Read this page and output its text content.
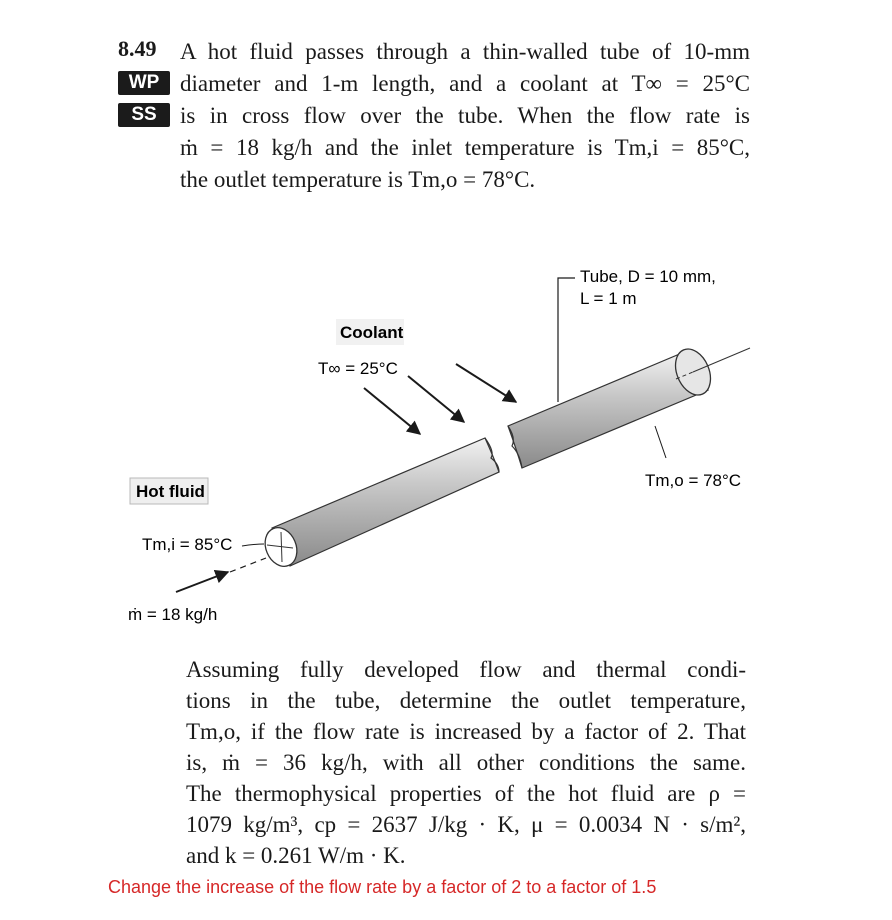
8.49
WP
SS
A hot fluid passes through a thin-walled tube of 10-mm
diameter and 1-m length, and a coolant at T∞ = 25°C
is in cross flow over the tube. When the flow rate is
ṁ = 18 kg/h and the inlet temperature is Tm,i = 85°C,
the outlet temperature is Tm,o = 78°C.
Tube, D = 10 mm,
L = 1 m
Coolant
T∞ = 25°C
Tm,o = 78°C
Hot fluid
Tm,i = 85°C
ṁ = 18 kg/h
Assuming fully developed flow and thermal condi-
tions in the tube, determine the outlet temperature,
Tm,o, if the flow rate is increased by a factor of 2. That
is, ṁ = 36 kg/h, with all other conditions the same.
The thermophysical properties of the hot fluid are ρ =
1079 kg/m³, cp = 2637 J/kg · K, μ = 0.0034 N · s/m²,
and k = 0.261 W/m · K.
Change the increase of the flow rate by a factor of 2 to a factor of 1.5
